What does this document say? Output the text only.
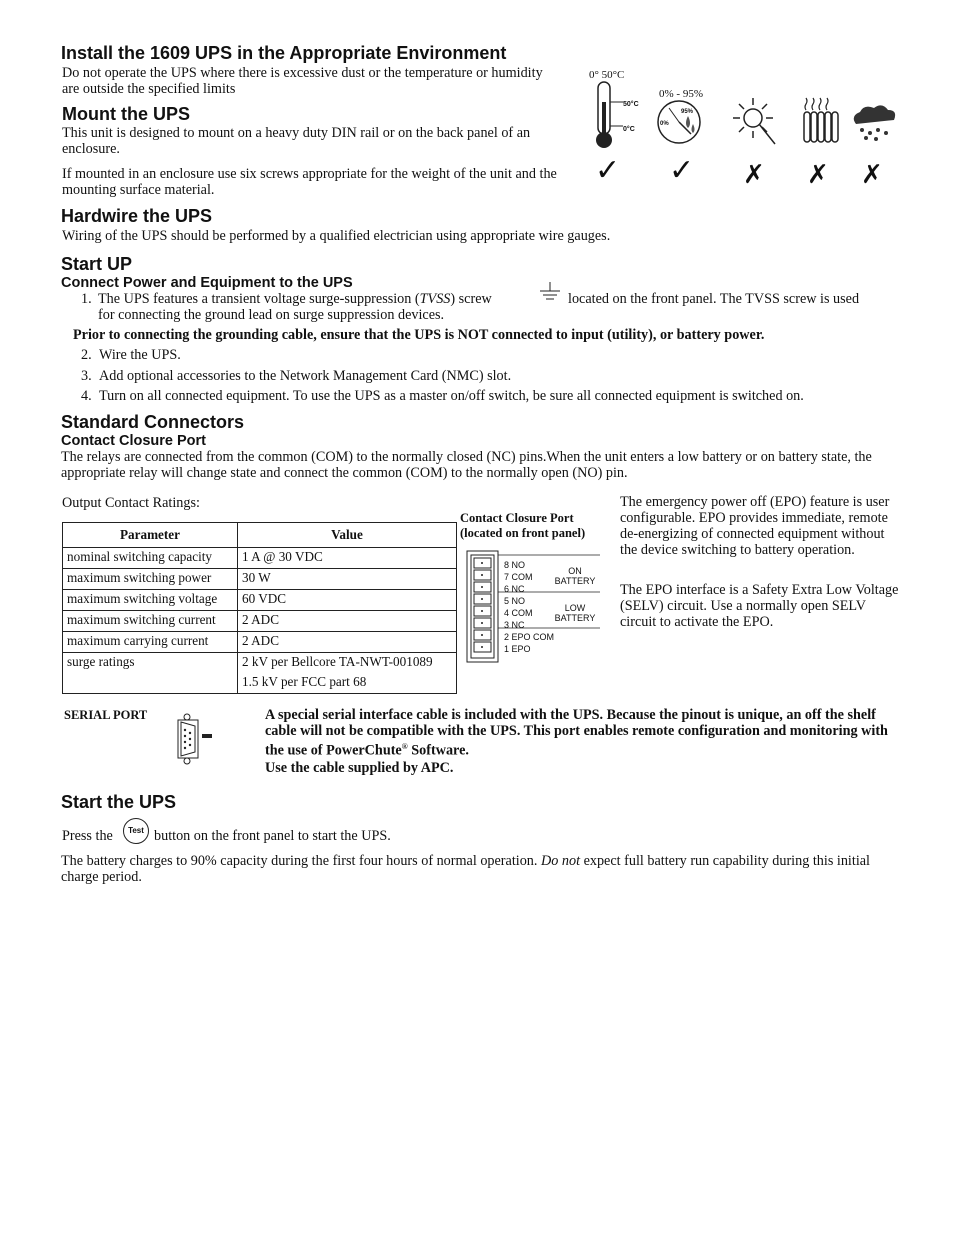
Install the 1609 UPS in the Appropriate Environment

Do not operate the UPS where there is excessive dust or the temperature or humidity are outside the specified limits

Mount the UPS

This unit is designed to mount on a heavy duty DIN rail or on the back panel of an enclosure.

If mounted in an enclosure use six screws appropriate for the weight of the unit and the mounting surface material.

0° 50°C
50°C
0°C
0% - 95%
0%
95%
✓ ✓ ✗ ✗ ✗
Hardwire the UPS

Wiring of the UPS should be performed by a qualified electrician using appropriate wire gauges.

Start UP
Connect Power and Equipment to the UPS
1. The UPS features a transient voltage surge-suppression (TVSS) screw	located on the front panel. The TVSS screw is used

for connecting the ground lead on surge suppression devices.

Prior to connecting the grounding cable, ensure that the UPS is NOT connected to input (utility), or battery power.

2. Wire the UPS.

3. Add optional accessories to the Network Management Card (NMC) slot.

4. Turn on all connected equipment. To use the UPS as a master on/off switch, be sure all connected equipment is switched on.

Standard Connectors
Contact Closure Port

The relays are connected from the common (COM) to the normally closed (NC) pins.When the unit enters a low battery or on battery state, the appropriate relay will change state and connect the common (COM) to the normally open (NO) pin.

Output Contact Ratings:

Parameter	Value
nominal switching capacity	1 A @ 30 VDC
maximum switching power	30 W
maximum switching voltage	60 VDC
maximum switching current	2 ADC
maximum carrying current	2 ADC
surge ratings	2 kV per Bellcore TA-NWT-001089
1.5 kV per FCC part 68

Contact Closure Port

(located on front panel)

8 NO
7 COM
6 NC
5 NO
4 COM
3 NC
2 EPO COM
1 EPO
ON
BATTERY
LOW
BATTERY

The emergency power off (EPO) feature is user configurable. EPO provides immediate, remote de-energizing of connected equipment without the device switching to battery operation.

The EPO interface is a Safety Extra Low Voltage (SELV) circuit. Use a normally open SELV circuit to activate the EPO.

SERIAL PORT	A special serial interface cable is included with the UPS. Because the pinout is unique, an off the shelf cable will not be compatible with the UPS. This port enables remote configuration and monitoring with the use of PowerChute® Software.

Use the cable supplied by APC.

Start the UPS

Press the	Test button on the front panel to start the UPS.

The battery charges to 90% capacity during the first four hours of normal operation. Do not expect full battery run capability during this initial charge period.
